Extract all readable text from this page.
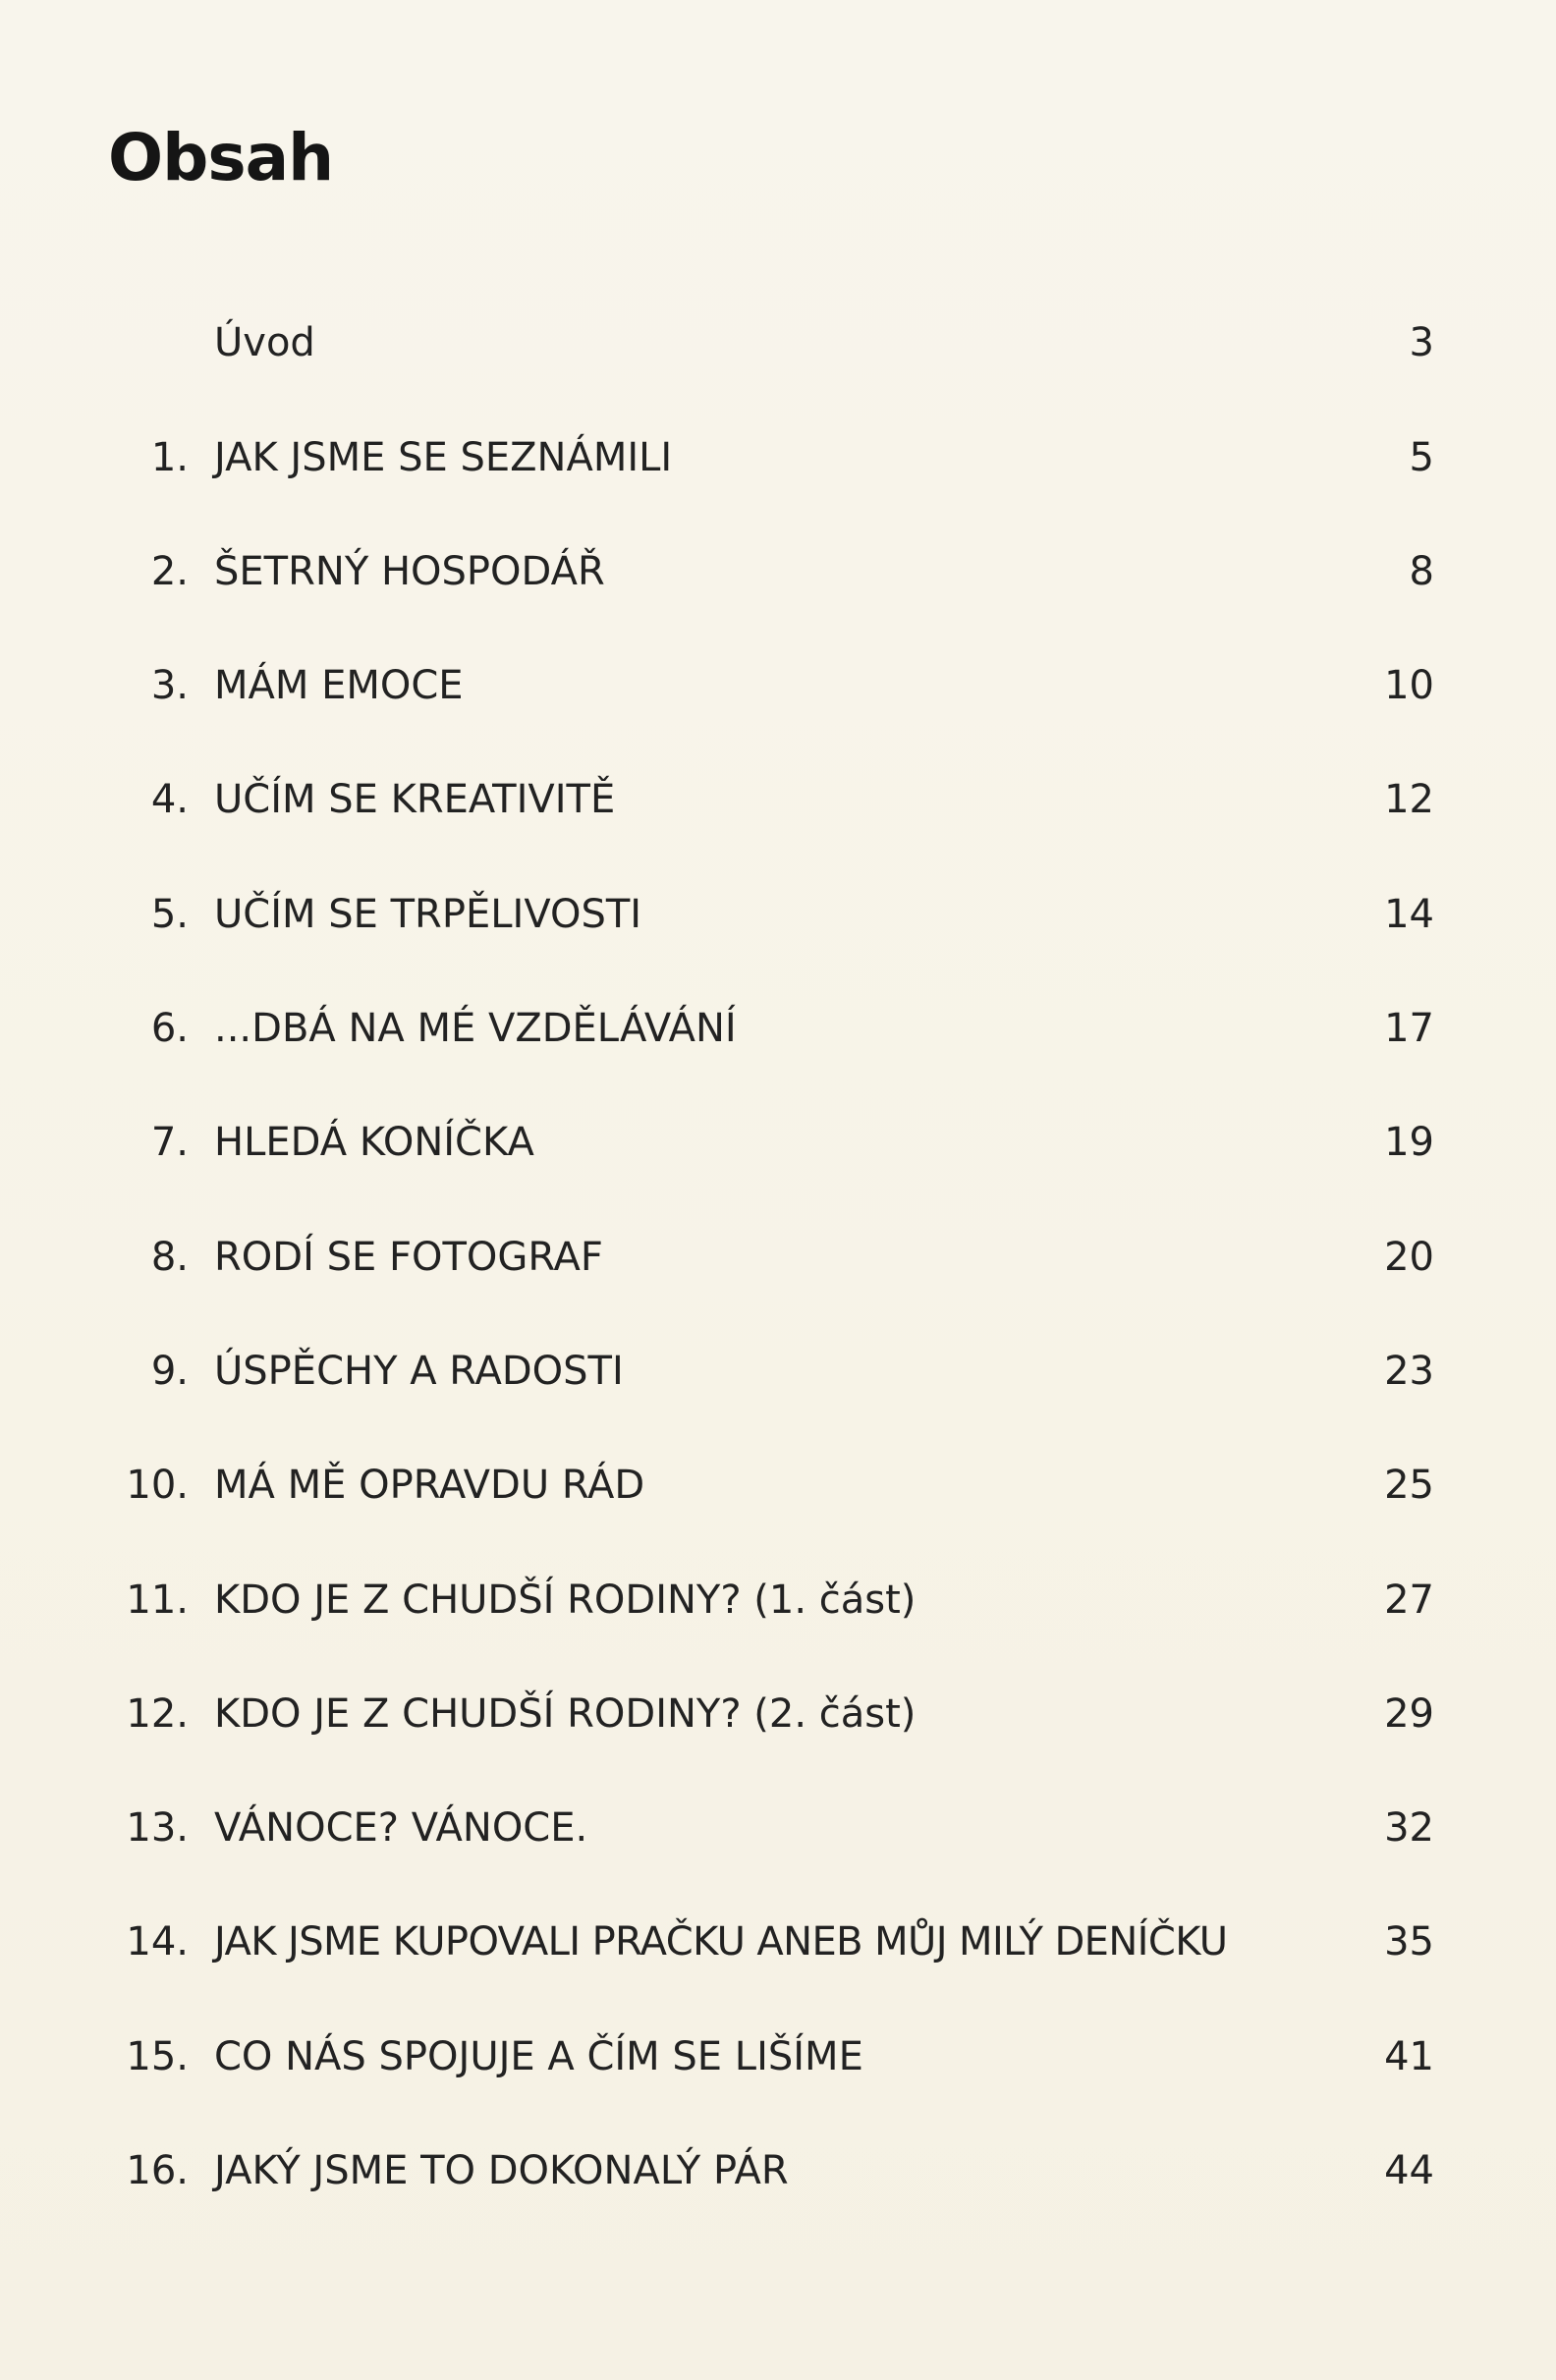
Obsah
Úvod	3
1. JAK JSME SE SEZNÁMILI	5
2. ŠETRNÝ HOSPODÁŘ	8
3. MÁM EMOCE	10
4. UČÍM SE KREATIVITĚ	12
5. UČÍM SE TRPĚLIVOSTI	14
6. ...DBÁ NA MÉ VZDĚLÁVÁNÍ	17
7. HLEDÁ KONÍČKA	19
8. RODÍ SE FOTOGRAF	20
9. ÚSPĚCHY A RADOSTI	23
10. MÁ MĚ OPRAVDU RÁD	25
11. KDO JE Z CHUDŠÍ RODINY? (1. část)	27
12. KDO JE Z CHUDŠÍ RODINY? (2. část)	29
13. VÁNOCE? VÁNOCE.	32
14. JAK JSME KUPOVALI PRAČKU ANEB MŮJ MILÝ DENÍČKU	35
15. CO NÁS SPOJUJE A ČÍM SE LIŠÍME	41
16. JAKÝ JSME TO DOKONALÝ PÁR	44
